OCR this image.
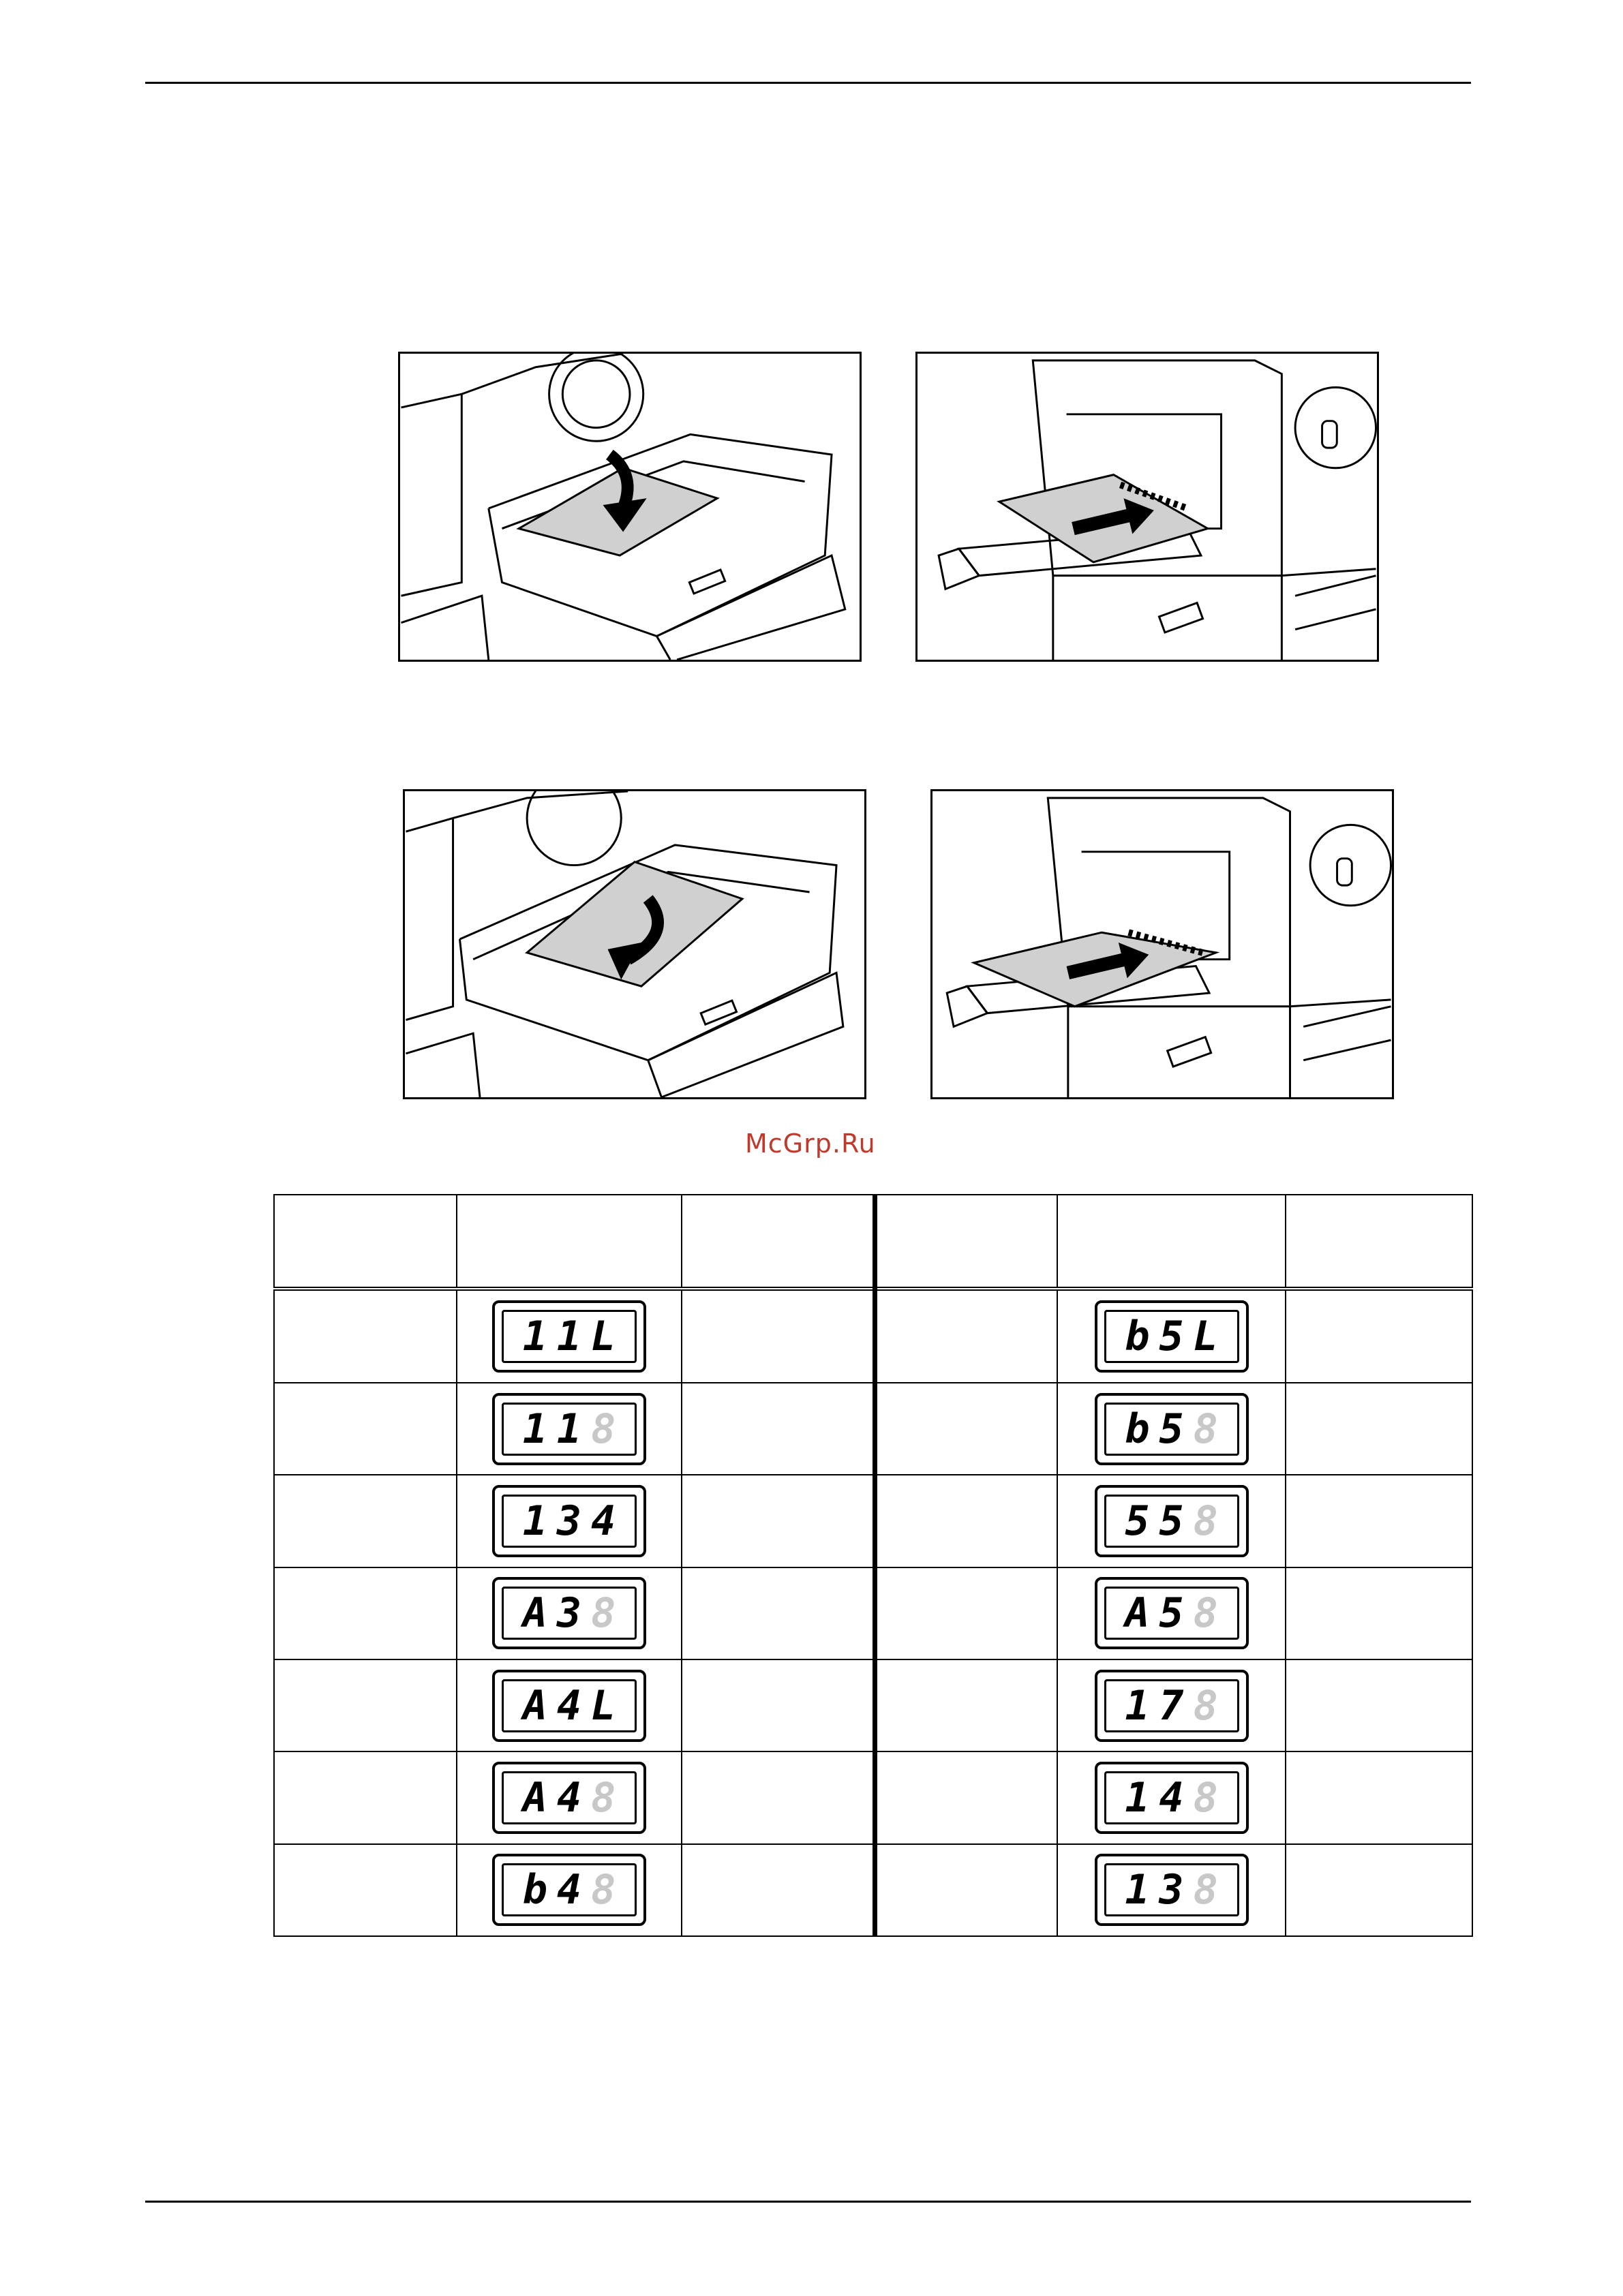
McGrp.Ru

	11L			b5L	

	118			b58	

	134			558	

	A38			A58	

	A4L			178	

	A48			148	

	b48			138	
